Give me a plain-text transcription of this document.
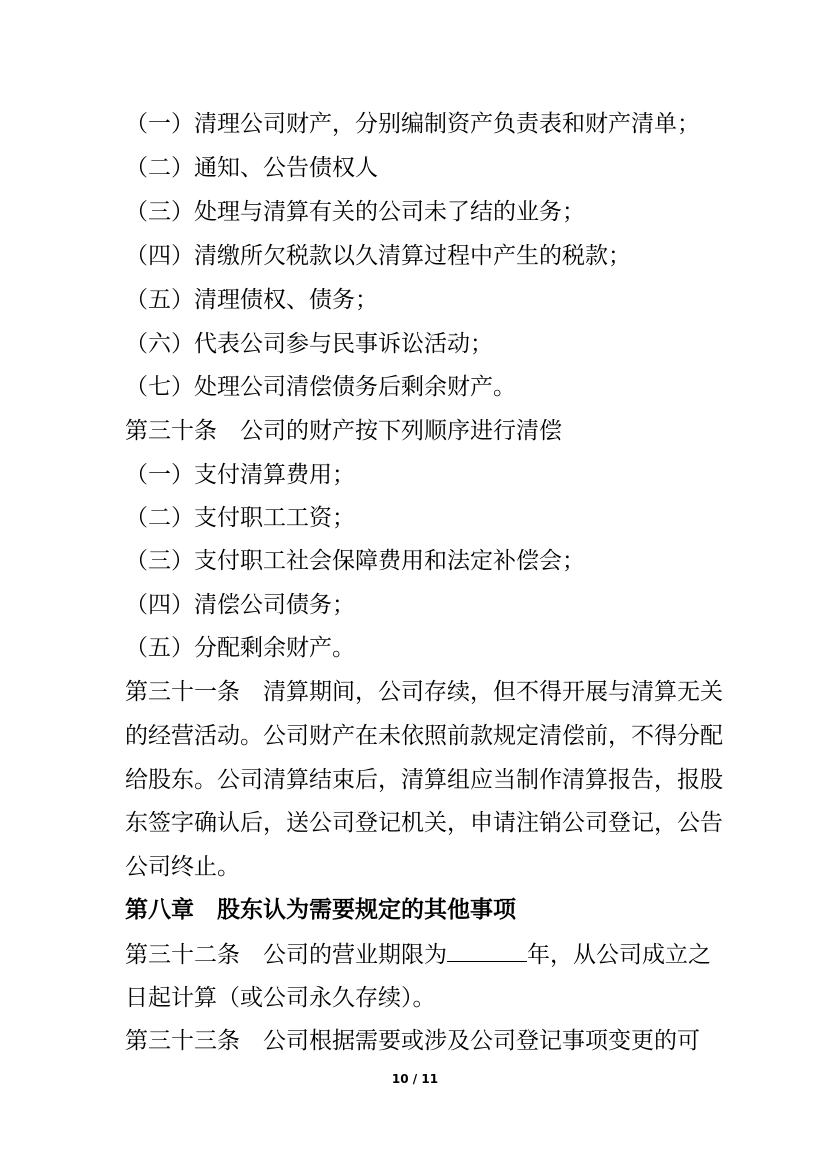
（一）清理公司财产，分别编制资产负责表和财产清单；
（二）通知、公告债权人
（三）处理与清算有关的公司未了结的业务；
（四）清缴所欠税款以久清算过程中产生的税款；
（五）清理债权、债务；
（六）代表公司参与民事诉讼活动；
（七）处理公司清偿债务后剩余财产。
第三十条　公司的财产按下列顺序进行清偿
（一）支付清算费用；
（二）支付职工工资；
（三）支付职工社会保障费用和法定补偿会；
（四）清偿公司债务；
（五）分配剩余财产。
第三十一条　清算期间，公司存续，但不得开展与清算无关
的经营活动。公司财产在未依照前款规定清偿前，不得分配
给股东。公司清算结束后，清算组应当制作清算报告，报股
东签字确认后，送公司登记机关，申请注销公司登记，公告
公司终止。
第八章　股东认为需要规定的其他事项
第三十二条　公司的营业期限为	年，从公司成立之
日起计算（或公司永久存续）。
第三十三条　公司根据需要或涉及公司登记事项变更的可
10 / 11
